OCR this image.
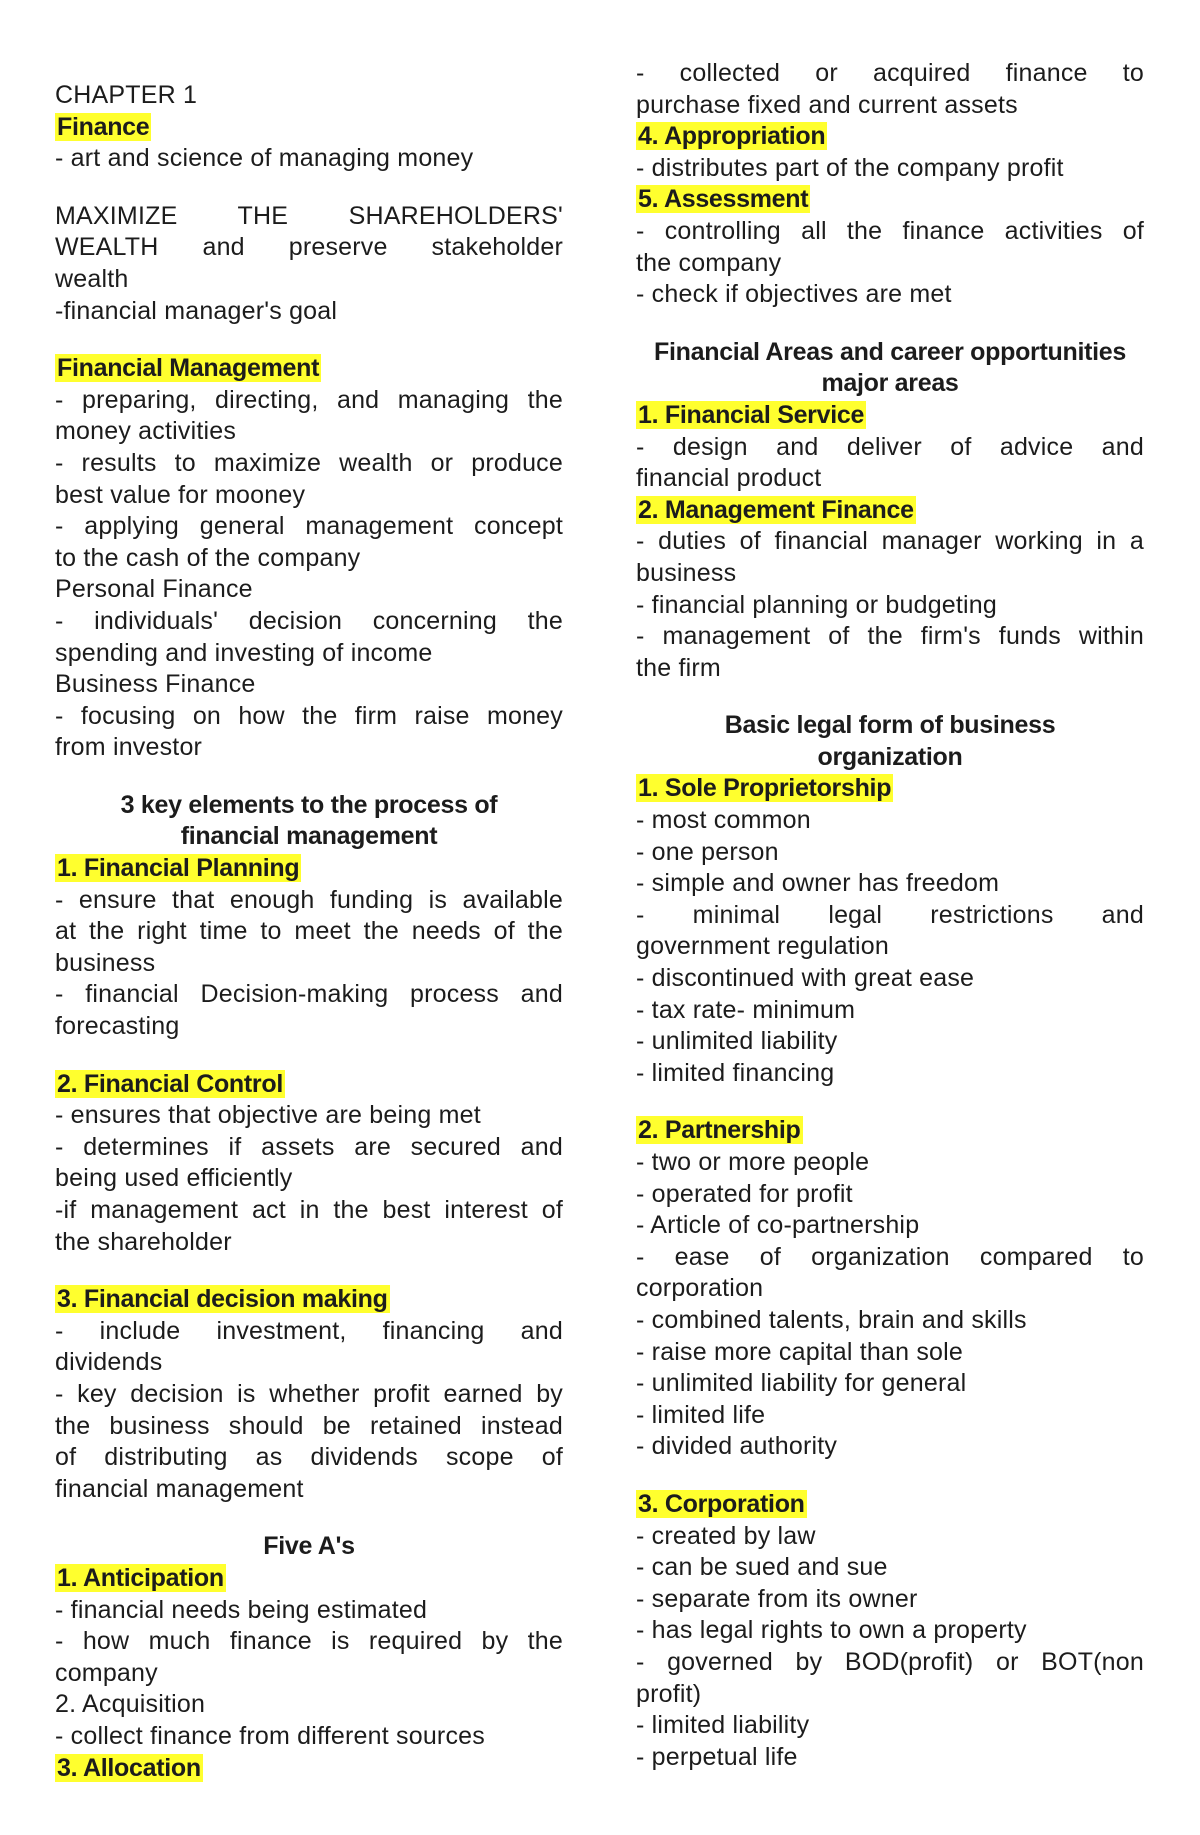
CHAPTER 1
Finance
- art and science of managing money
MAXIMIZE THE SHAREHOLDERS'
WEALTH and preserve stakeholder
wealth
-financial manager's goal
Financial Management
- preparing, directing, and managing the
money activities
- results to maximize wealth or produce
best value for mooney
- applying general management concept
to the cash of the company
Personal Finance
- individuals' decision concerning the
spending and investing of income
Business Finance
- focusing on how the firm raise money
from investor
3 key elements to the process of
financial management
1. Financial Planning
- ensure that enough funding is available
at the right time to meet the needs of the
business
- financial Decision-making process and
forecasting
2. Financial Control
- ensures that objective are being met
- determines if assets are secured and
being used efficiently
-if management act in the best interest of
the shareholder
3. Financial decision making
- include investment, financing and
dividends
- key decision is whether profit earned by
the business should be retained instead
of distributing as dividends scope of
financial management
Five A's
1. Anticipation
- financial needs being estimated
- how much finance is required by the
company
2. Acquisition
- collect finance from different sources
3. Allocation
- collected or acquired finance to
purchase fixed and current assets
4. Appropriation
- distributes part of the company profit
5. Assessment
- controlling all the finance activities of
the company
- check if objectives are met
Financial Areas and career opportunities
major areas
1. Financial Service
- design and deliver of advice and
financial product
2. Management Finance
- duties of financial manager working in a
business
- financial planning or budgeting
- management of the firm's funds within
the firm
Basic legal form of business
organization
1. Sole Proprietorship
- most common
- one person
- simple and owner has freedom
- minimal legal restrictions and
government regulation
- discontinued with great ease
- tax rate- minimum
- unlimited liability
- limited financing
2. Partnership
- two or more people
- operated for profit
- Article of co-partnership
- ease of organization compared to
corporation
- combined talents, brain and skills
- raise more capital than sole
- unlimited liability for general
- limited life
- divided authority
3. Corporation
- created by law
- can be sued and sue
- separate from its owner
- has legal rights to own a property
- governed by BOD(profit) or BOT(non
profit)
- limited liability
- perpetual life
